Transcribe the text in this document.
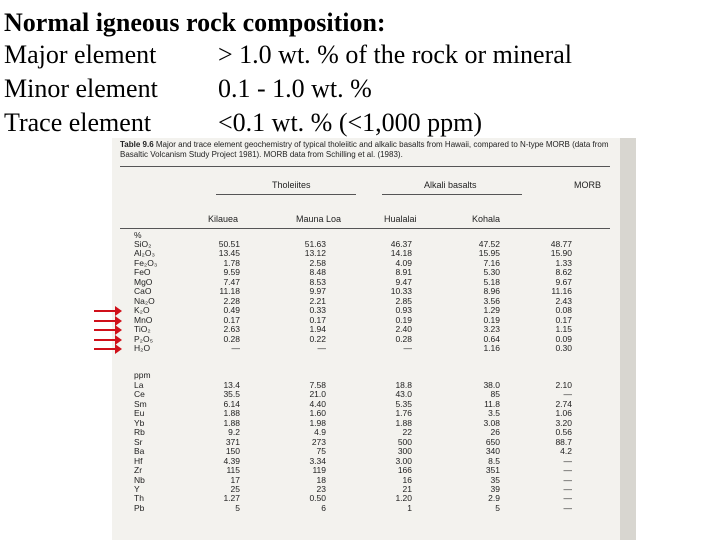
Normal igneous rock composition:
Major element > 1.0 wt. % of the rock or mineral
Minor element 0.1 - 1.0 wt. %
Trace element	<0.1 wt. % (<1,000 ppm)
Table 9.6 Major and trace element geochemistry of typical tholeiitic and alkalic basalts from Hawaii, compared to N-type MORB (data from Basaltic Volcanism Study Project 1981). MORB data from Schilling et al. (1983).
Tholeiites	Alkali basalts	MORB
Kilauea	Mauna Loa	Hualalai	Kohala
%
ppm
SiO₂	50.51	51.63	46.37	47.52	48.77
Al₂O₃	13.45	13.12	14.18	15.95	15.90
Fe₂O₃	1.78	2.58	4.09	7.16	1.33
FeO	9.59	8.48	8.91	5.30	8.62
MgO	7.47	8.53	9.47	5.18	9.67
CaO	11.18	9.97	10.33	8.96	11.16
Na₂O	2.28	2.21	2.85	3.56	2.43
K₂O	0.49	0.33	0.93	1.29	0.08
MnO	0.17	0.17	0.19	0.19	0.17
TiO₂	2.63	1.94	2.40	3.23	1.15
P₂O₅	0.28	0.22	0.28	0.64	0.09
H₂O	—	—	—	1.16	0.30
La	13.4	7.58	18.8	38.0	2.10
Ce	35.5	21.0	43.0	85	—
Sm	6.14	4.40	5.35	11.8	2.74
Eu	1.88	1.60	1.76	3.5	1.06
Yb	1.88	1.98	1.88	3.08	3.20
Rb	9.2	4.9	22	26	0.56
Sr	371	273	500	650	88.7
Ba	150	75	300	340	4.2
Hf	4.39	3.34	3.00	8.5	—
Zr	115	119	166	351	—
Nb	17	18	16	35	—
Y	25	23	21	39	—
Th	1.27	0.50	1.20	2.9	—
Pb	5	6	1	5	—
